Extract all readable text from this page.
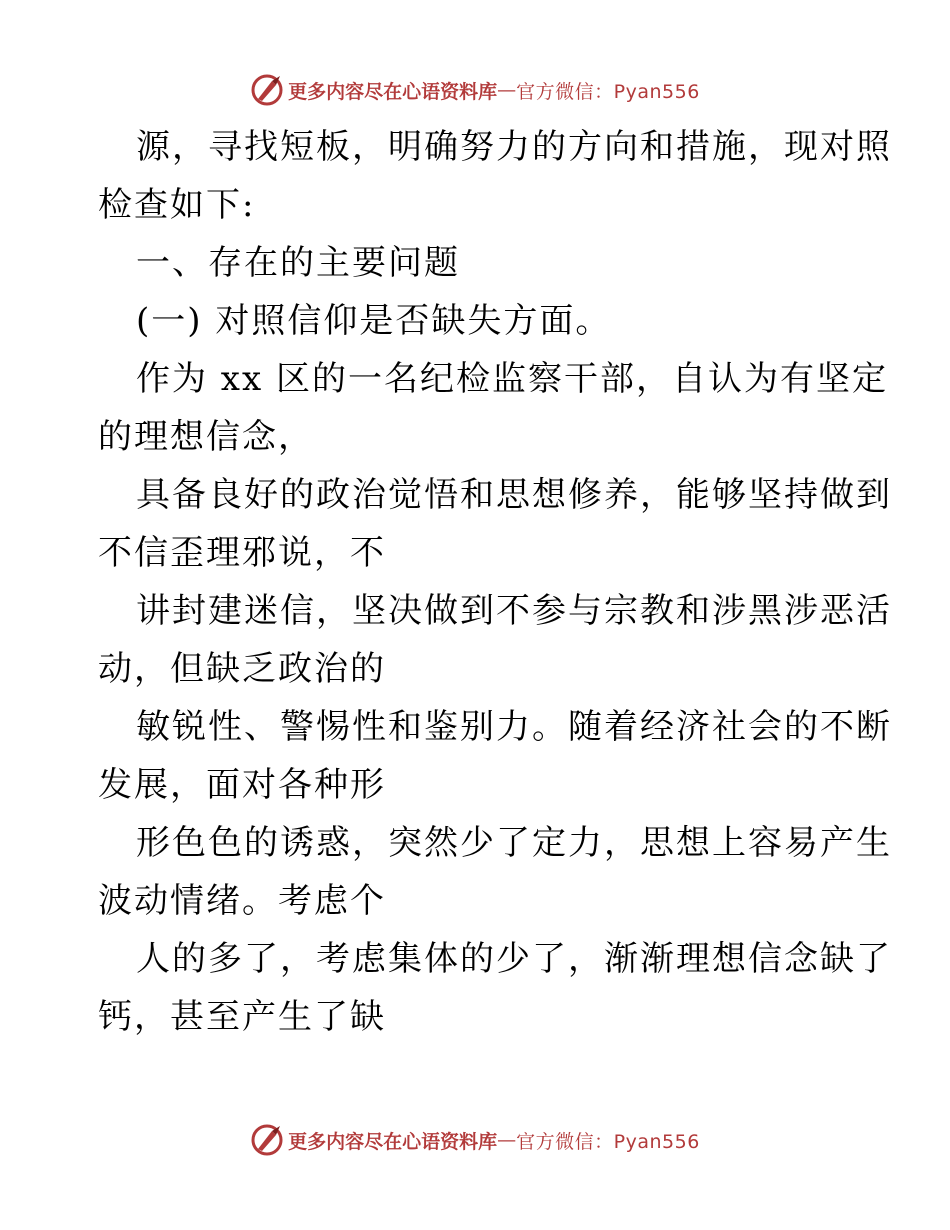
更多内容尽在心语资料库 — 官方微信：Pyan556
源，寻找短板，明确努力的方向和措施，现对照
检查如下:
一、存在的主要问题
(一) 对照信仰是否缺失方面。
作为 xx 区的一名纪检监察干部，自认为有坚定
的理想信念，
具备良好的政治觉悟和思想修养，能够坚持做到
不信歪理邪说，不
讲封建迷信，坚决做到不参与宗教和涉黑涉恶活
动，但缺乏政治的
敏锐性、警惕性和鉴别力。随着经济社会的不断
发展，面对各种形
形色色的诱惑，突然少了定力，思想上容易产生
波动情绪。考虑个
人的多了，考虑集体的少了，渐渐理想信念缺了
钙，甚至产生了缺
更多内容尽在心语资料库 — 官方微信：Pyan556
